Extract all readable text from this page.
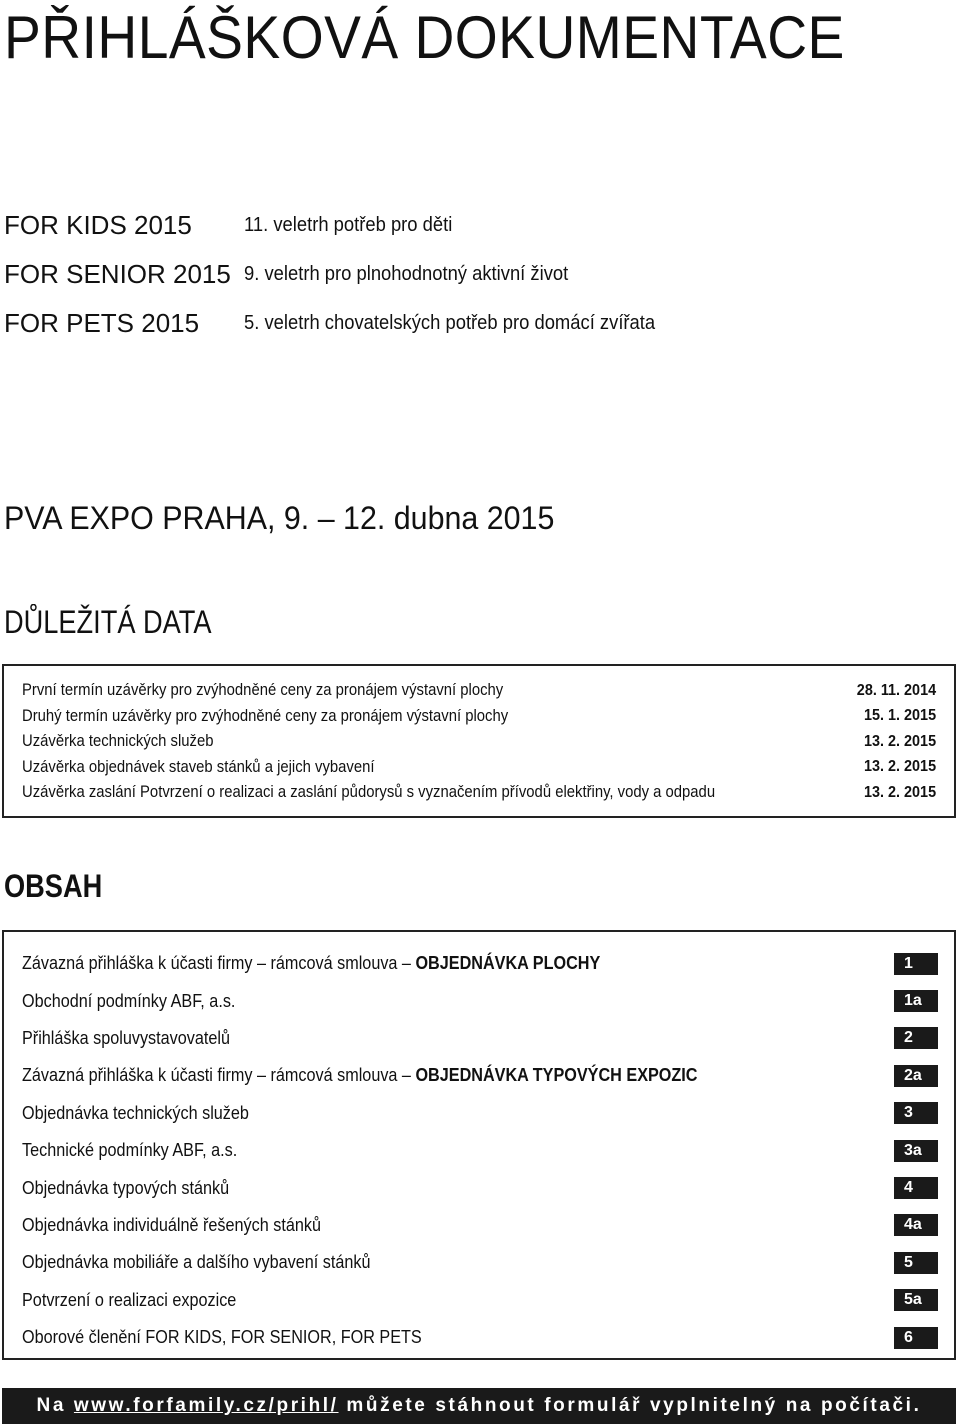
PŘIHLÁŠKOVÁ DOKUMENTACE
FOR KIDS 2015	11. veletrh potřeb pro děti
FOR SENIOR 2015 9. veletrh pro plnohodnotný aktivní život
FOR PETS 2015	5. veletrh chovatelských potřeb pro domácí zvířata
PVA EXPO PRAHA, 9. – 12. dubna 2015
DŮLEŽITÁ DATA
První termín uzávěrky pro zvýhodněné ceny za pronájem výstavní plochy	28. 11. 2014
Druhý termín uzávěrky pro zvýhodněné ceny za pronájem výstavní plochy	15. 1. 2015
Uzávěrka technických služeb	13. 2. 2015
Uzávěrka objednávek staveb stánků a jejich vybavení	13. 2. 2015
Uzávěrka zaslání Potvrzení o realizaci a zaslání půdorysů s vyznačením přívodů elektřiny, vody a odpadu	13. 2. 2015
OBSAH
Závazná přihláška k účasti firmy – rámcová smlouva – OBJEDNÁVKA PLOCHY	1
Obchodní podmínky ABF, a.s.	1a
Přihláška spoluvystavovatelů	2
Závazná přihláška k účasti firmy – rámcová smlouva – OBJEDNÁVKA TYPOVÝCH EXPOZIC	2a
Objednávka technických služeb	3
Technické podmínky ABF, a.s.	3a
Objednávka typových stánků	4
Objednávka individuálně řešených stánků	4a
Objednávka mobiliáře a dalšího vybavení stánků	5
Potvrzení o realizaci expozice	5a
Oborové členění FOR KIDS, FOR SENIOR, FOR PETS	6
Na www.forfamily.cz/prihl/ můžete stáhnout formulář vyplnitelný na počítači.
